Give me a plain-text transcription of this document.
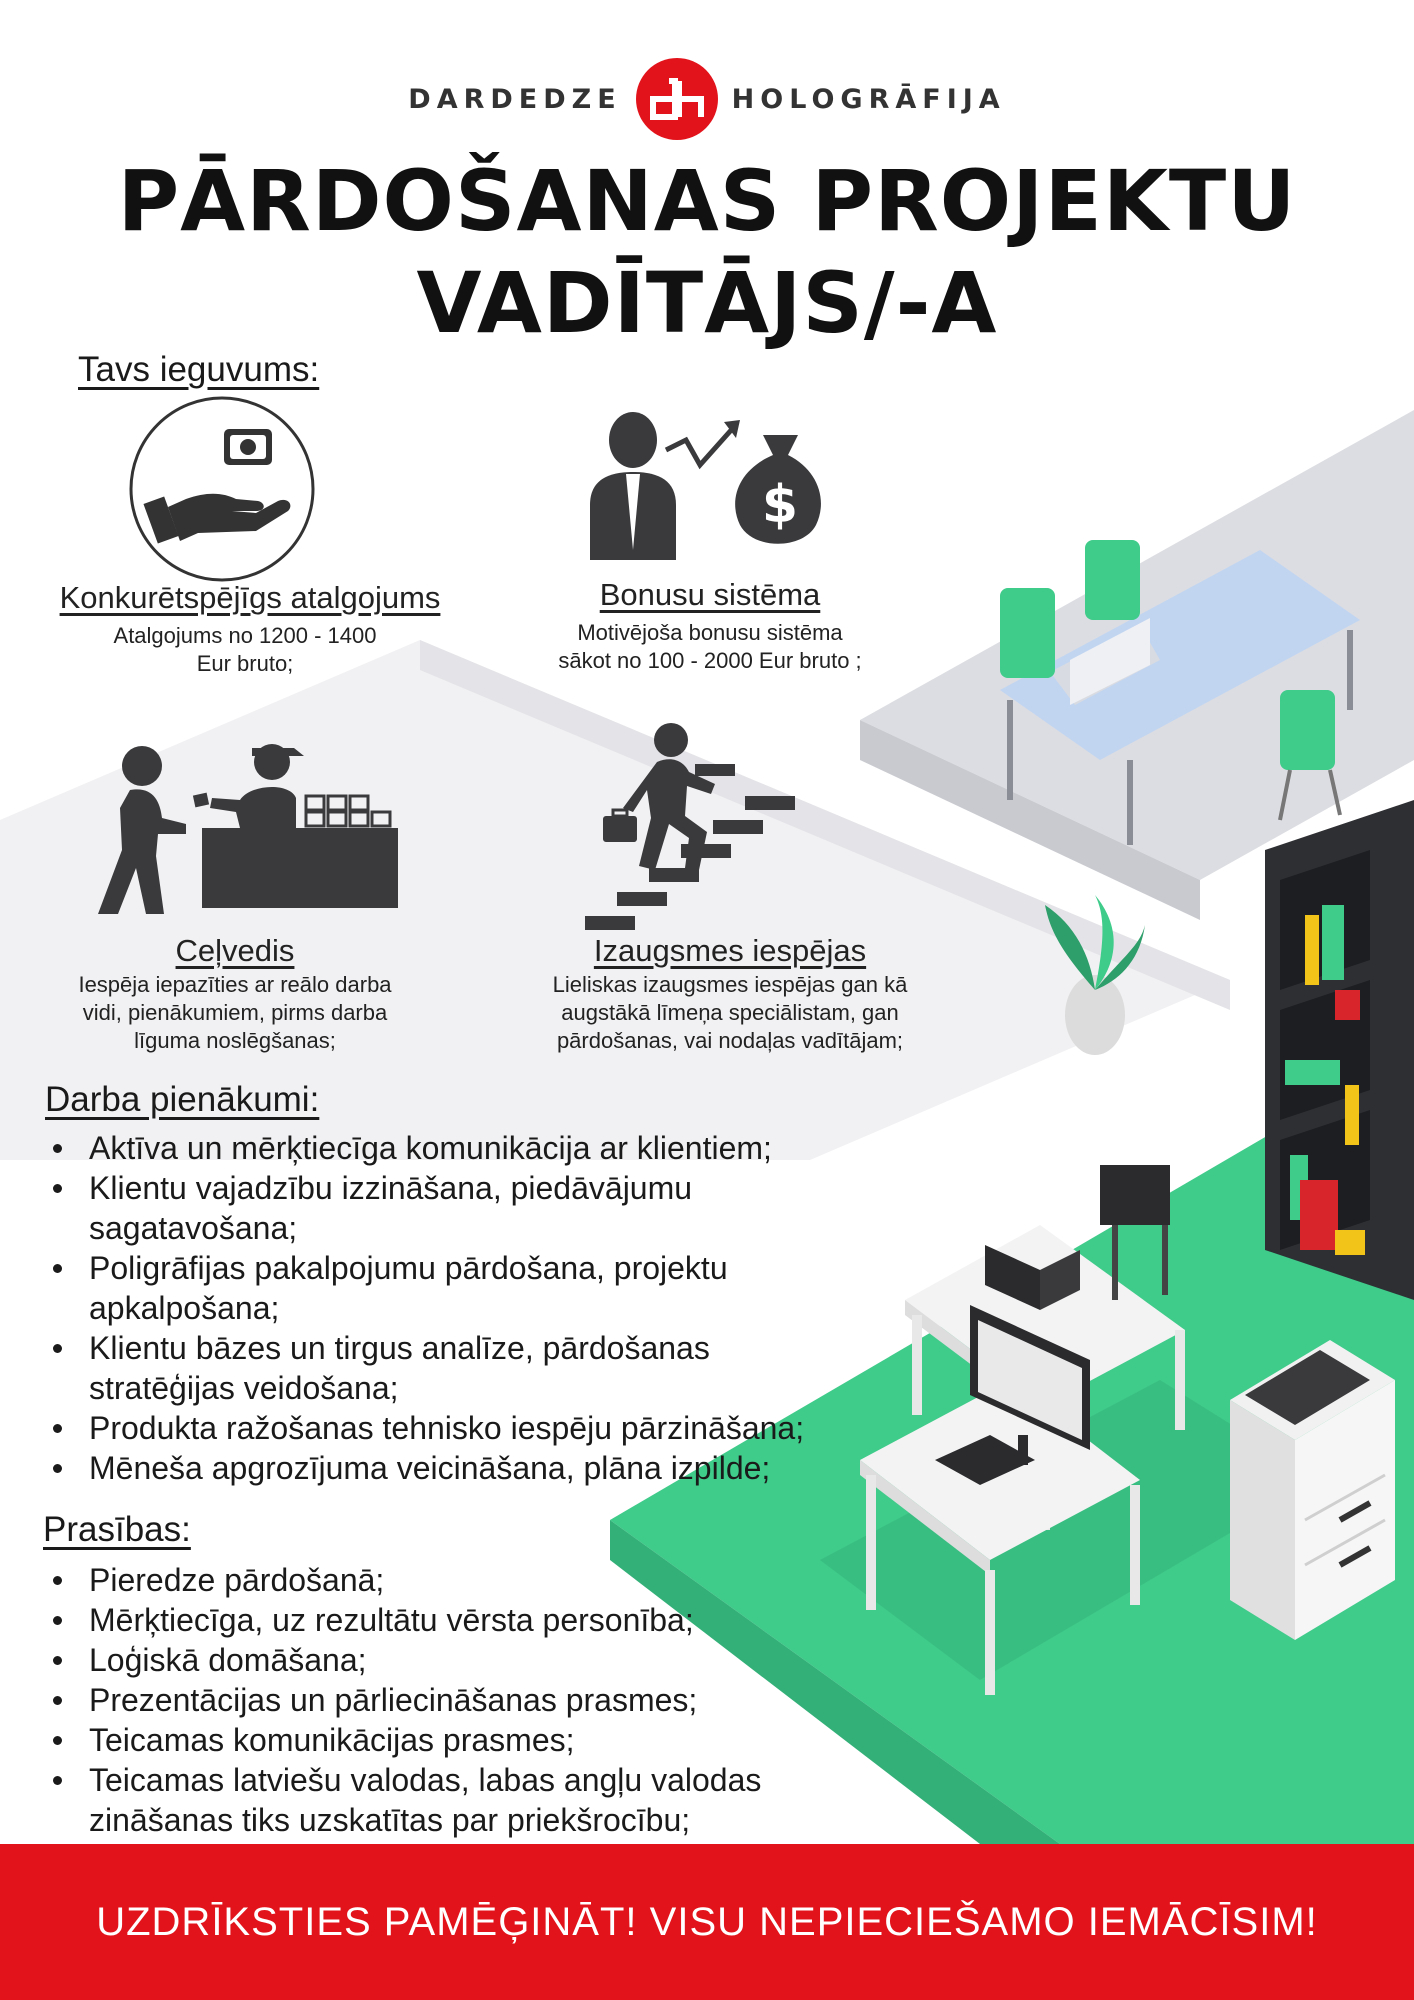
DARDEDZE	HOLOGRĀFIJA
PĀRDOŠANAS PROJEKTU
VADĪTĀJS/-A
Tavs ieguvums:
$
Konkurētspējīgs atalgojums
Atalgojums no 1200 - 1400
Eur bruto;
Bonusu sistēma
Motivējoša bonusu sistēma
sākot no 100 - 2000 Eur bruto ;
Ceļvedis
Iespēja iepazīties ar reālo darba
vidi, pienākumiem, pirms darba
līguma noslēgšanas;
Izaugsmes iespējas
Lieliskas izaugsmes iespējas gan kā
augstākā līmeņa speciālistam, gan
pārdošanas, vai nodaļas vadītājam;
Darba pienākumi:
Aktīva un mērķtiecīga komunikācija ar klientiem;
Klientu vajadzību izzināšana, piedāvājumu sagatavošana;
Poligrāfijas pakalpojumu pārdošana, projektu apkalpošana;
Klientu bāzes un tirgus analīze, pārdošanas stratēģijas veidošana;
Produkta ražošanas tehnisko iespēju pārzināšana;
Mēneša apgrozījuma veicināšana, plāna izpilde;
Prasības:
Pieredze pārdošanā;
Mērķtiecīga, uz rezultātu vērsta personība;
Loģiskā domāšana;
Prezentācijas un pārliecināšanas prasmes;
Teicamas komunikācijas prasmes;
Teicamas latviešu valodas, labas angļu valodas zināšanas tiks uzskatītas par priekšrocību;
UZDRĪKSTIES PAMĒĢINĀT! VISU NEPIECIEŠAMO IEMĀCĪSIM!
